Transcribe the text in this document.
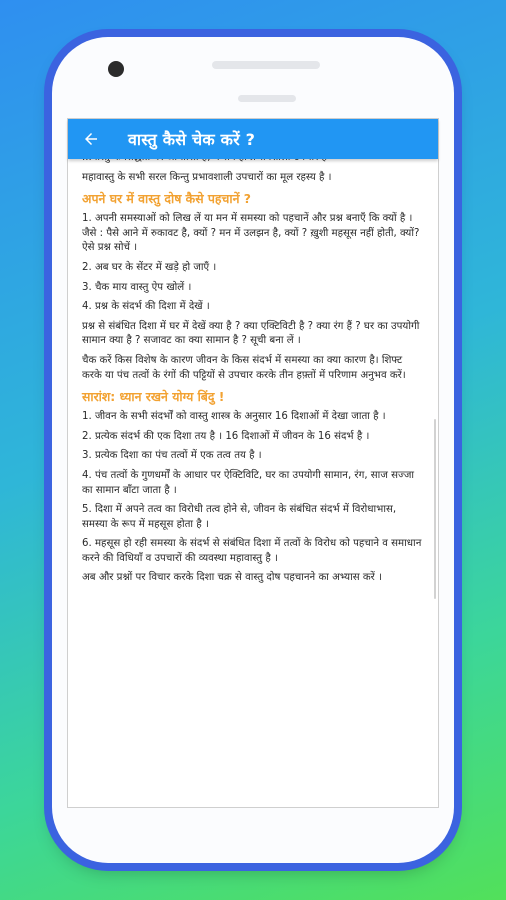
वास्तु कैसे चेक करें ?

महावास्तु के सभी सरल किन्तु प्रभावशाली उपचारों का मूल रहस्य है ।

अपने घर में वास्तु दोष कैसे पहचानें ?

1. अपनी समस्याओं को लिख लें या मन में समस्या को पहचानें और प्रश्न बनाएँ कि क्यों है । जैसे : पैसे आने में रुकावट है, क्यों ? मन में उलझन है, क्यों ? ख़ुशी महसूस नहीं होती, क्यों? ऐसे प्रश्न सोचें ।

2. अब घर के सेंटर में खड़े हो जाएँ ।

3. चैक माय वास्तु ऐप खोलें ।

4. प्रश्न के संदर्भ की दिशा में देखें ।

प्रश्न से संबंधित दिशा में घर में देखें क्या है ? क्या एक्टिविटी है ? क्या रंग हैं ? घर का उपयोगी सामान क्या है ? सजावट का क्या सामान है ? सूची बना लें ।

चैक करें किस विशेष के कारण जीवन के किस संदर्भ में समस्या का क्या कारण है। शिफ्ट करके या पंच तत्वों के रंगों की पट्टियों से उपचार करके तीन हफ़्तों में परिणाम अनुभव करें।

सारांश: ध्यान रखने योग्य बिंदु !

1. जीवन के सभी संदर्भों को वास्तु शास्त्र के अनुसार 16 दिशाओं में देखा जाता है ।

2. प्रत्येक संदर्भ की एक दिशा तय है । 16 दिशाओं में जीवन के 16 संदर्भ है ।

3. प्रत्येक दिशा का पंच तत्वों में एक तत्व तय है ।

4. पंच तत्वों के गुणधर्मों के आधार पर ऐक्टिविटि, घर का उपयोगी सामान, रंग, साज सज्जा का सामान बाँटा जाता है ।

5. दिशा में अपने तत्व का विरोधी तत्व होने से, जीवन के संबंधित संदर्भ में विरोधाभास, समस्या के रूप में महसूस होता है ।

6. महसूस हो रही समस्या के संदर्भ से संबंधित दिशा में तत्वों के विरोध को पहचाने व समाधान करने की विधियाँ व उपचारों की व्यवस्था महावास्तु है ।

अब और प्रश्नों पर विचार करके दिशा चक्र से वास्तु दोष पहचानने का अभ्यास करें ।
